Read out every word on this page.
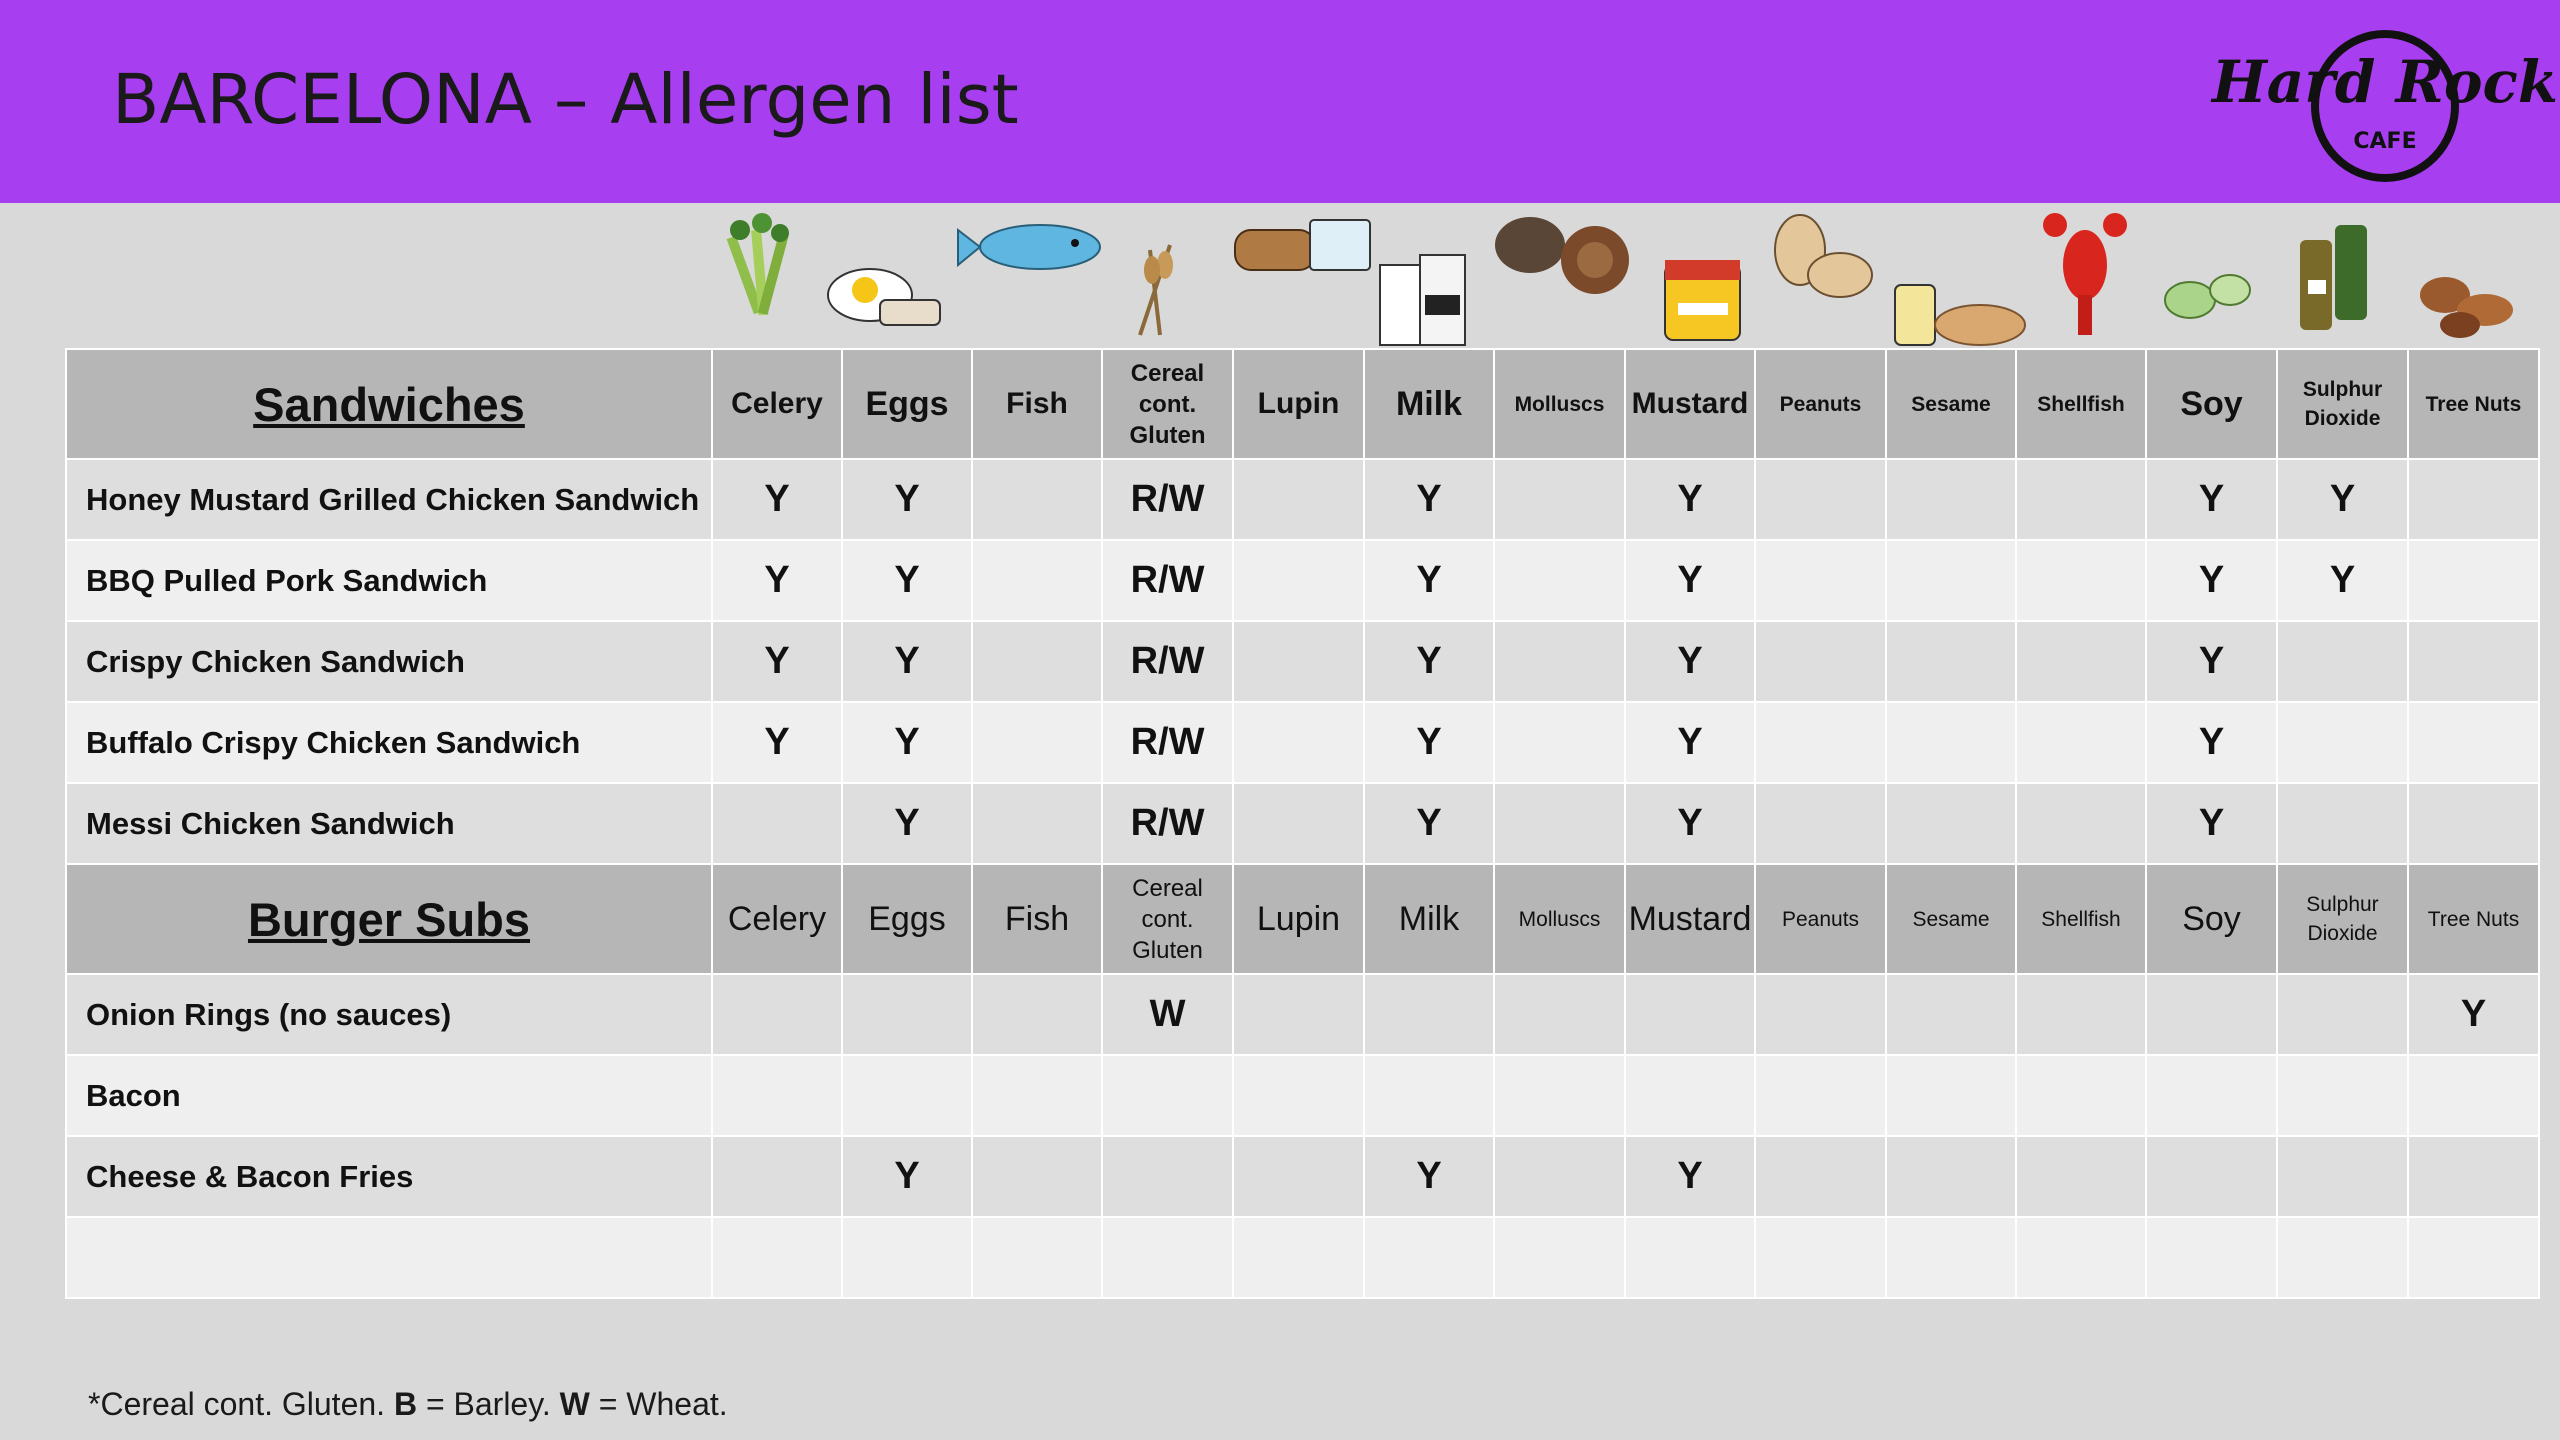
BARCELONA – Allergen list	Hard Rock
CAFE
Sandwiches	Celery	Eggs	Fish	Cereal cont. Gluten	Lupin	Milk	Molluscs	Mustard	Peanuts	Sesame	Shellfish	Soy	Sulphur Dioxide	Tree Nuts
Honey Mustard Grilled Chicken Sandwich	Y	Y		R/W		Y		Y				Y	Y	
BBQ Pulled Pork Sandwich	Y	Y		R/W		Y		Y				Y	Y	
Crispy Chicken Sandwich	Y	Y		R/W		Y		Y				Y		
Buffalo Crispy Chicken Sandwich	Y	Y		R/W		Y		Y				Y		
Messi Chicken Sandwich		Y		R/W		Y		Y				Y		
Burger Subs	Celery	Eggs	Fish	Cereal cont. Gluten	Lupin	Milk	Molluscs	Mustard	Peanuts	Sesame	Shellfish	Soy	Sulphur Dioxide	Tree Nuts
Onion Rings (no sauces)				W										Y
Bacon														
Cheese & Bacon Fries		Y				Y		Y						

*Cereal cont. Gluten. B = Barley. W = Wheat.
